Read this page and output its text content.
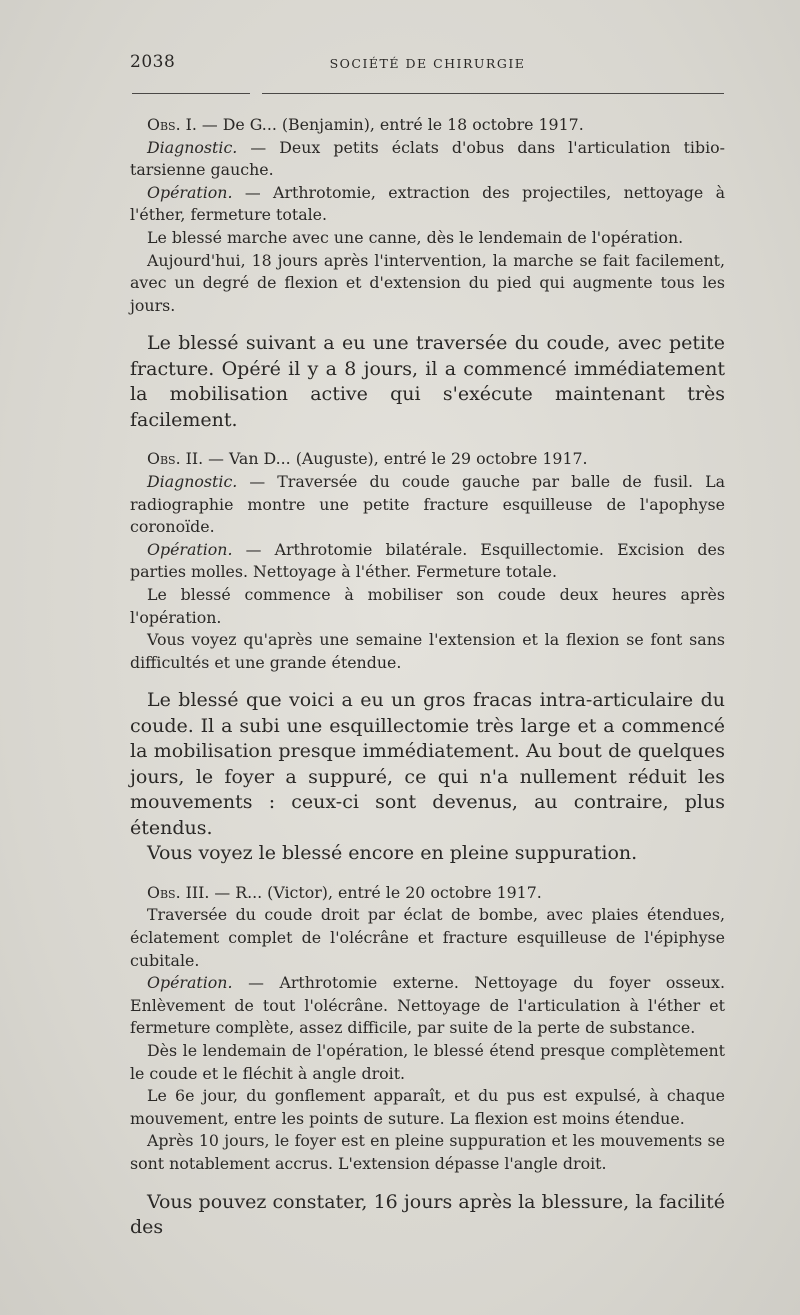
2038	SOCIÉTÉ DE CHIRURGIE

Obs. I. — De G... (Benjamin), entré le 18 octobre 1917.

Diagnostic. — Deux petits éclats d'obus dans l'articulation tibio-tarsienne gauche.

Opération. — Arthrotomie, extraction des projectiles, nettoyage à l'éther, fermeture totale.

Le blessé marche avec une canne, dès le lendemain de l'opération.

Aujourd'hui, 18 jours après l'intervention, la marche se fait facilement, avec un degré de flexion et d'extension du pied qui augmente tous les jours.

Le blessé suivant a eu une traversée du coude, avec petite fracture. Opéré il y a 8 jours, il a commencé immédiatement la mobilisation active qui s'exécute maintenant très facilement.

Obs. II. — Van D... (Auguste), entré le 29 octobre 1917.

Diagnostic. — Traversée du coude gauche par balle de fusil. La radiographie montre une petite fracture esquilleuse de l'apophyse coronoïde.

Opération. — Arthrotomie bilatérale. Esquillectomie. Excision des parties molles. Nettoyage à l'éther. Fermeture totale.

Le blessé commence à mobiliser son coude deux heures après l'opération.

Vous voyez qu'après une semaine l'extension et la flexion se font sans difficultés et une grande étendue.

Le blessé que voici a eu un gros fracas intra-articulaire du coude. Il a subi une esquillectomie très large et a commencé la mobilisation presque immédiatement. Au bout de quelques jours, le foyer a suppuré, ce qui n'a nullement réduit les mouvements : ceux-ci sont devenus, au contraire, plus étendus.

Vous voyez le blessé encore en pleine suppuration.

Obs. III. — R... (Victor), entré le 20 octobre 1917.

Traversée du coude droit par éclat de bombe, avec plaies étendues, éclatement complet de l'olécrâne et fracture esquilleuse de l'épiphyse cubitale.

Opération. — Arthrotomie externe. Nettoyage du foyer osseux. Enlèvement de tout l'olécrâne. Nettoyage de l'articulation à l'éther et fermeture complète, assez difficile, par suite de la perte de substance.

Dès le lendemain de l'opération, le blessé étend presque complètement le coude et le fléchit à angle droit.

Le 6e jour, du gonflement apparaît, et du pus est expulsé, à chaque mouvement, entre les points de suture. La flexion est moins étendue.

Après 10 jours, le foyer est en pleine suppuration et les mouvements se sont notablement accrus. L'extension dépasse l'angle droit.

Vous pouvez constater, 16 jours après la blessure, la facilité des
